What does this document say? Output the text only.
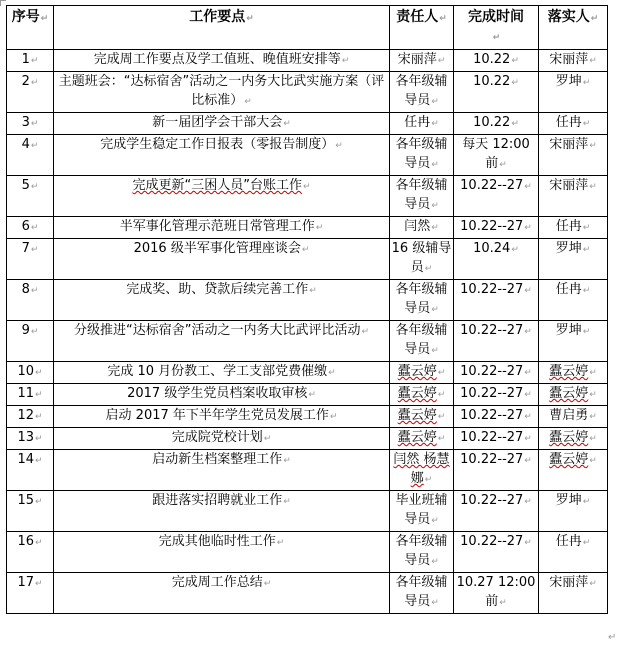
序号↵	工作要点↵	责任人↵	完成时间↵	落实人↵
1↵	完成周工作要点及学工值班、晚值班安排等↵	宋丽萍↵	10.22↵	宋丽萍↵
2↵	主题班会：“达标宿舍”活动之一内务大比武实施方案（评比标准）↵	各年级辅导员↵	10.22↵	罗坤↵
3↵	新一届团学会干部大会↵	任冉↵	10.22↵	任冉↵
4↵	完成学生稳定工作日报表（零报告制度）↵	各年级辅导员↵	每天 12:00 前↵	宋丽萍↵
5↵	完成更新“三困人员”台账工作↵	各年级辅导员↵	10.22--27↵	宋丽萍↵
6↵	半军事化管理示范班日常管理工作↵	闫然↵	10.22--27↵	任冉↵
7↵	2016 级半军事化管理座谈会↵	16 级辅导员↵	10.24↵	罗坤↵
8↵	完成奖、助、贷款后续完善工作↵	各年级辅导员↵	10.22--27↵	任冉↵
9↵	分级推进“达标宿舍”活动之一内务大比武评比活动↵	各年级辅导员↵	10.22--27↵	罗坤↵
10↵	完成 10 月份教工、学工支部党费催缴↵	蠹云婷↵	10.22--27↵	蠹云婷↵
11↵	2017 级学生党员档案收取审核↵	蠹云婷↵	10.22--27↵	蠹云婷↵
12↵	启动 2017 年下半年学生党员发展工作↵	蠹云婷↵	10.22--27↵	曹启勇↵
13↵	完成院党校计划↵	蠹云婷↵	10.22--27↵	蠹云婷↵
14↵	启动新生档案整理工作↵	闫然 杨慧娜↵	10.22--27↵	蠹云婷↵
15↵	跟进落实招聘就业工作↵	毕业班辅导员↵	10.22--27↵	罗坤↵
16↵	完成其他临时性工作↵	各年级辅导员↵	10.22--27↵	任冉↵
17↵	完成周工作总结↵	各年级辅导员↵	10.27 12:00 前↵	宋丽萍↵
↵
